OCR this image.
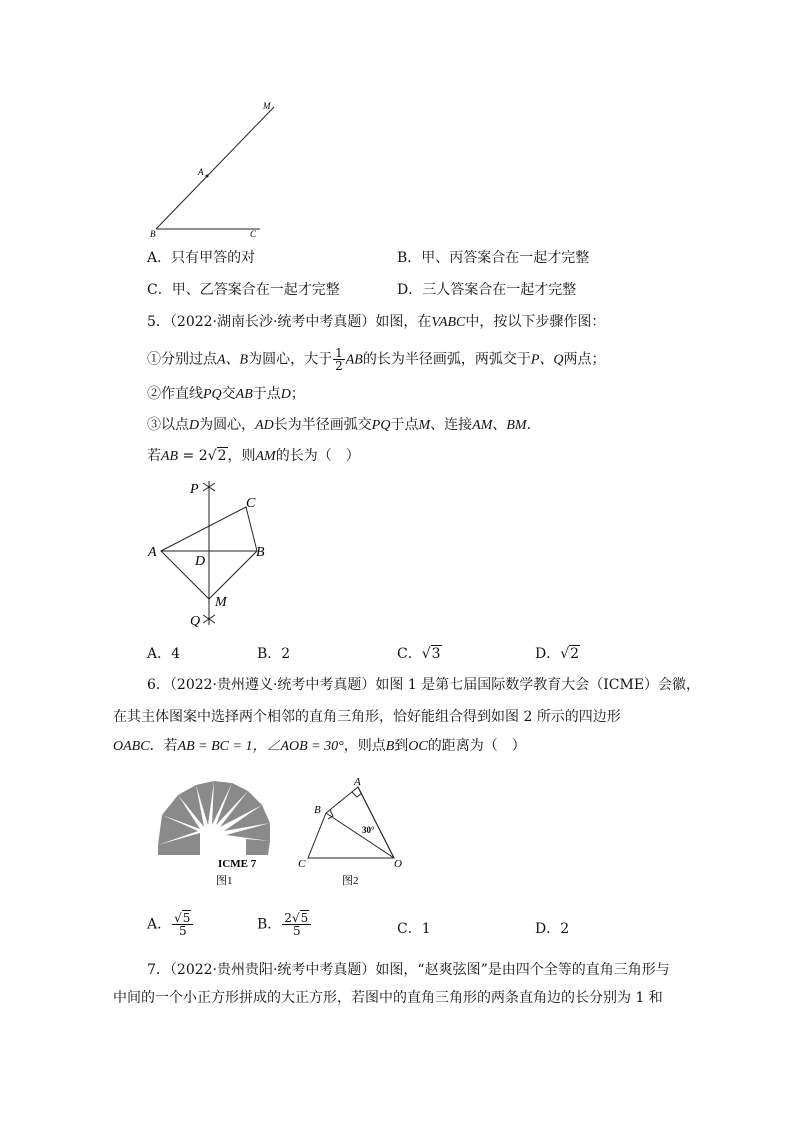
M
A
B	C
A．只有甲答的对	B．甲、丙答案合在一起才完整
C．甲、乙答案合在一起才完整	D．三人答案合在一起才完整
5．（2022·湖南长沙·统考中考真题）如图，在VABC中，按以下步骤作图：
①分别过点A、B为圆心，大于 $\frac{1}{2}$ AB的长为半径画弧，两弧交于P、Q两点；
②作直线PQ交AB于点D；
③以点D为圆心，AD长为半径画弧交PQ于点M、连接AM、BM.
若AB = 2√2，则AM的长为（　）
P
C
A
D
B
M
Q
A．4	B．2	C．√3	D．√2
6．（2022·贵州遵义·统考中考真题）如图 1 是第七届国际数学教育大会（ICME）会徽，
在其主体图案中选择两个相邻的直角三角形，恰好能组合得到如图 2 所示的四边形
OABC．若AB = BC = 1，∠AOB = 30°，则点B到OC的距离为（　）
ICME 7
图1
A
B
C	O
30°
图2
A． $\frac{√5}{5}$	B． $\frac{2√5}{5}$	C．1	D．2
7．（2022·贵州贵阳·统考中考真题）如图，“赵爽弦图”是由四个全等的直角三角形与
中间的一个小正方形拼成的大正方形，若图中的直角三角形的两条直角边的长分别为 1 和
